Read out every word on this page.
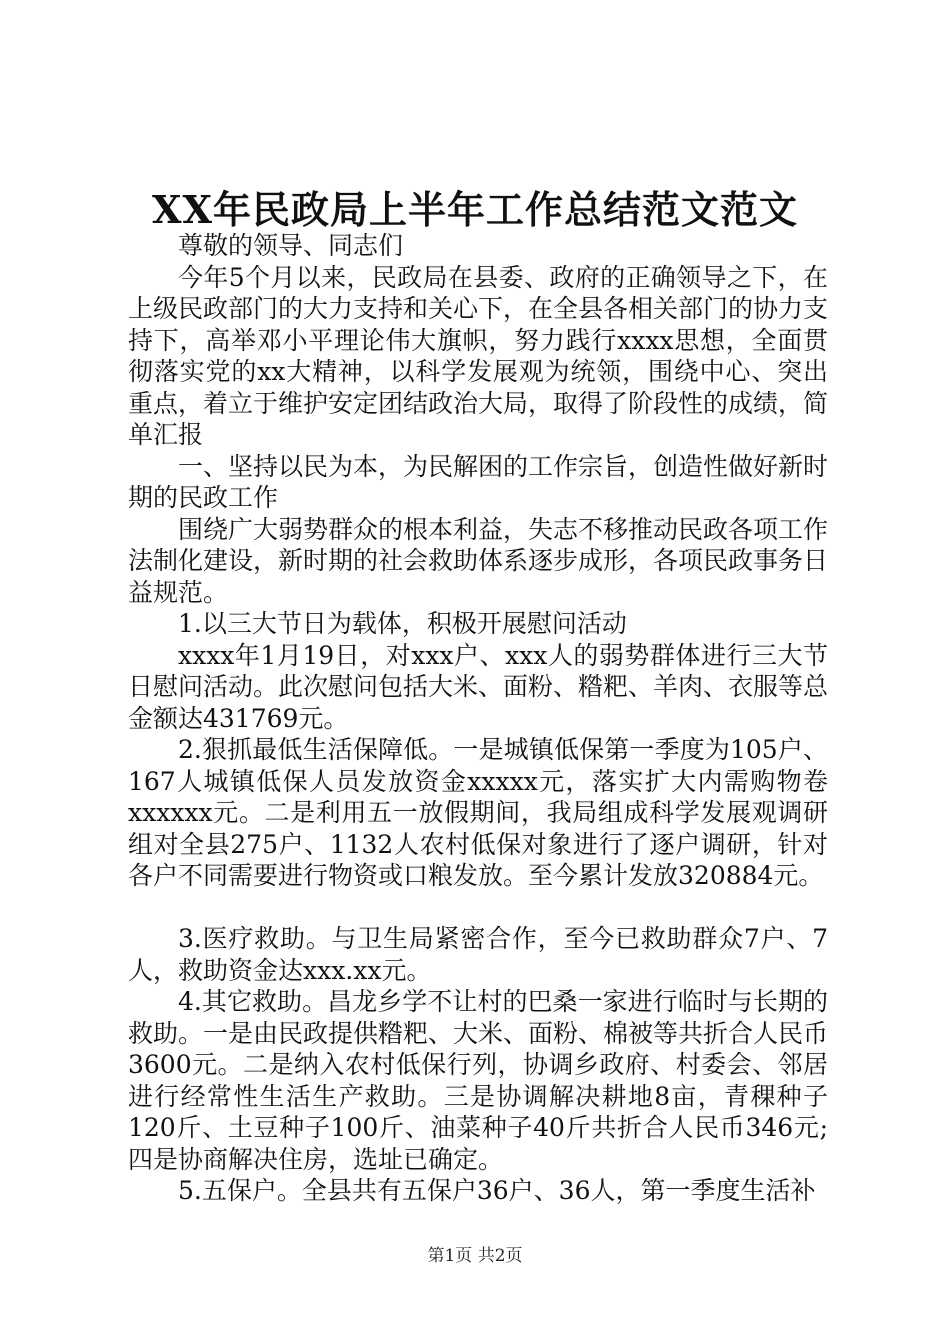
XX年民政局上半年工作总结范文范文

尊敬的领导、同志们

今年5个月以来，民政局在县委、政府的正确领导之下，在上级民政部门的大力支持和关心下，在全县各相关部门的协力支持下，高举邓小平理论伟大旗帜，努力践行xxxx思想，全面贯彻落实党的xx大精神，以科学发展观为统领，围绕中心、突出重点，着立于维护安定团结政治大局，取得了阶段性的成绩，简单汇报

一、坚持以民为本，为民解困的工作宗旨，创造性做好新时期的民政工作

围绕广大弱势群众的根本利益，失志不移推动民政各项工作法制化建设，新时期的社会救助体系逐步成形，各项民政事务日益规范。

1.以三大节日为载体，积极开展慰问活动

xxxx年1月19日，对xxx户、xxx人的弱势群体进行三大节日慰问活动。此次慰问包括大米、面粉、糌粑、羊肉、衣服等总金额达431769元。

2.狠抓最低生活保障低。一是城镇低保第一季度为105户、167人城镇低保人员发放资金xxxxx元，落实扩大内需购物卷xxxxxx元。二是利用五一放假期间，我局组成科学发展观调研组对全县275户、1132人农村低保对象进行了逐户调研，针对各户不同需要进行物资或口粮发放。至今累计发放320884元。

3.医疗救助。与卫生局紧密合作，至今已救助群众7户、7人，救助资金达xxx.xx元。

4.其它救助。昌龙乡学不让村的巴桑一家进行临时与长期的救助。一是由民政提供糌粑、大米、面粉、棉被等共折合人民币3600元。二是纳入农村低保行列，协调乡政府、村委会、邻居进行经常性生活生产救助。三是协调解决耕地8亩，青稞种子120斤、土豆种子100斤、油菜种子40斤共折合人民币346元;四是协商解决住房，选址已确定。

5.五保户。全县共有五保户36户、36人，第一季度生活补

第1页 共2页
